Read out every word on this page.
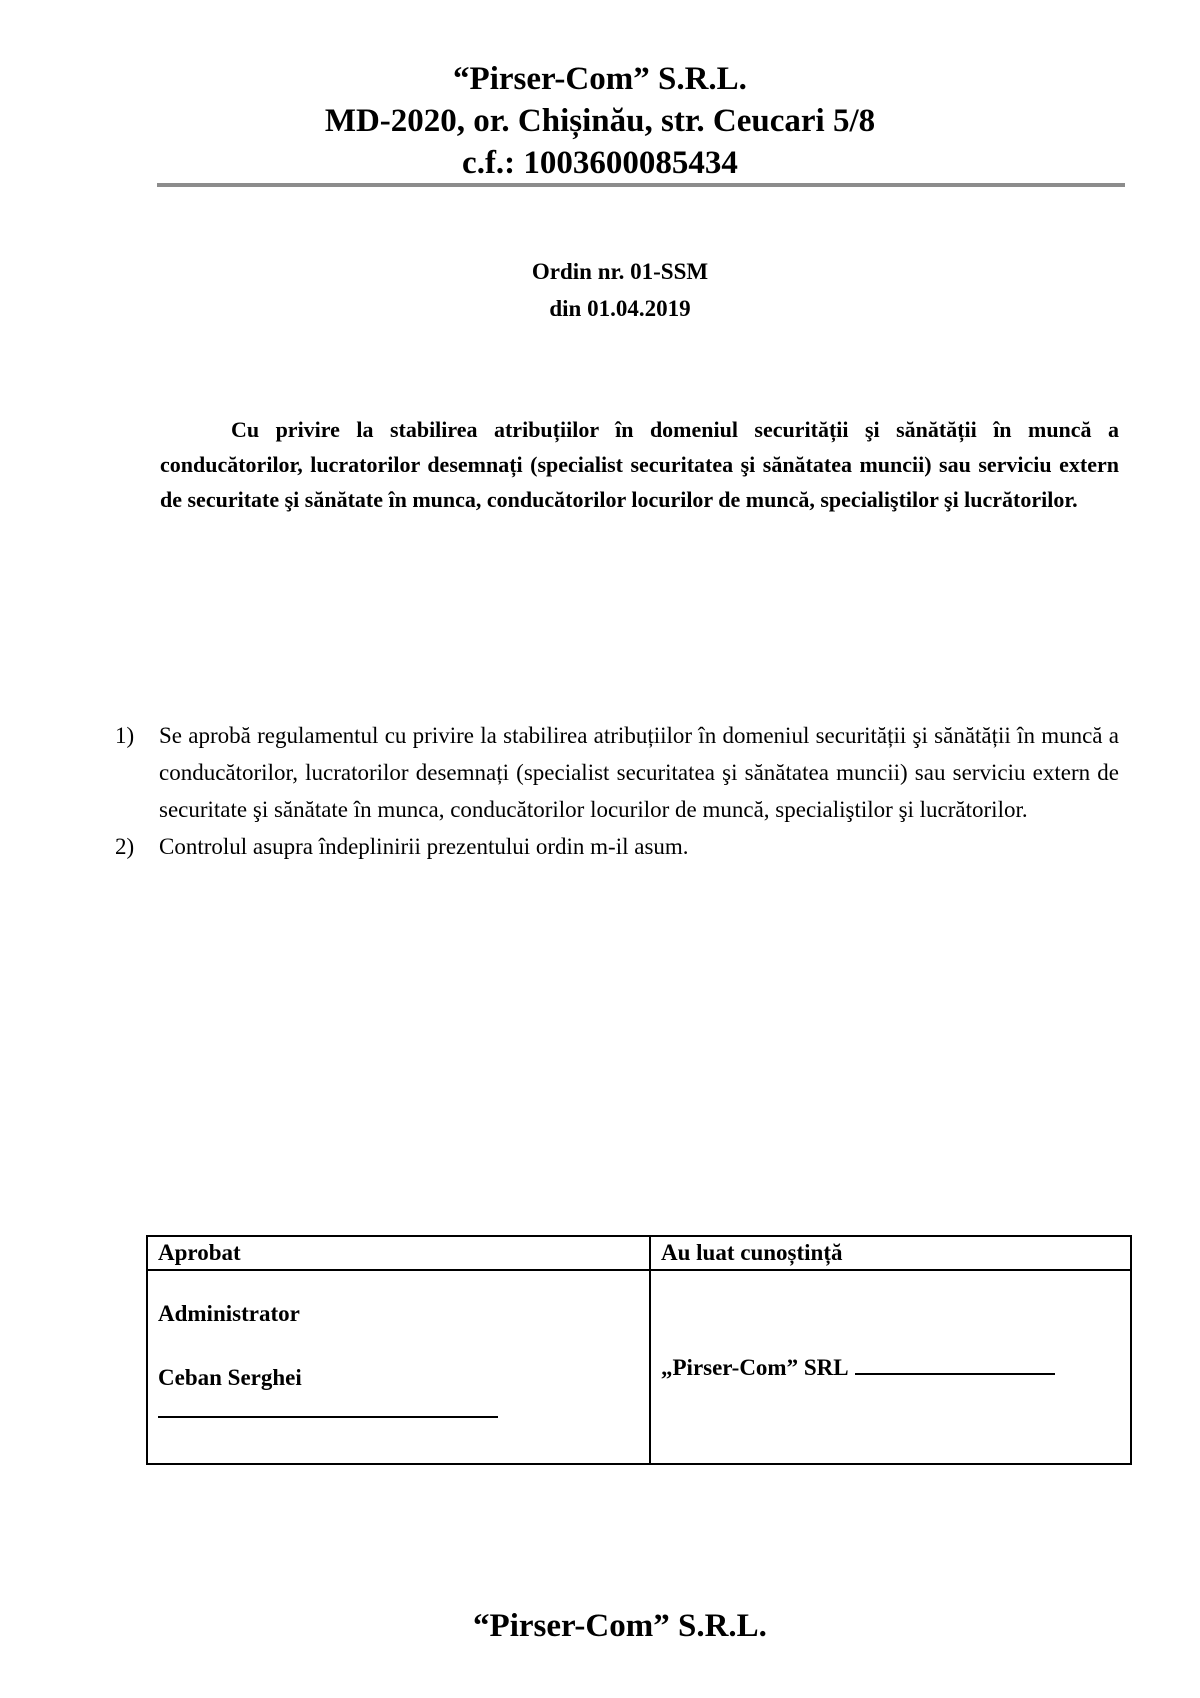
“Pirser-Com” S.R.L.
MD-2020, or. Chișinău, str. Ceucari 5/8
c.f.: 1003600085434
Ordin nr. 01-SSM
din 01.04.2019
Cu privire la stabilirea atribuțiilor în domeniul securității şi sănătății în muncă a conducătorilor, lucratorilor desemnați (specialist securitatea şi sănătatea muncii) sau serviciu extern de securitate şi sănătate în munca, conducătorilor locurilor de muncă, specialiştilor şi lucrătorilor.
1)	Se aprobă regulamentul cu privire la stabilirea atribuțiilor în domeniul securității şi sănătății în muncă a conducătorilor, lucratorilor desemnați (specialist securitatea şi sănătatea muncii) sau serviciu extern de securitate şi sănătate în munca, conducătorilor locurilor de muncă, specialiştilor şi lucrătorilor.
2)	Controlul asupra îndeplinirii prezentului ordin m-il asum.
Aprobat	Au luat cunoștință

Administrator
Ceban Serghei	„Pirser-Com” SRL
“Pirser-Com” S.R.L.
